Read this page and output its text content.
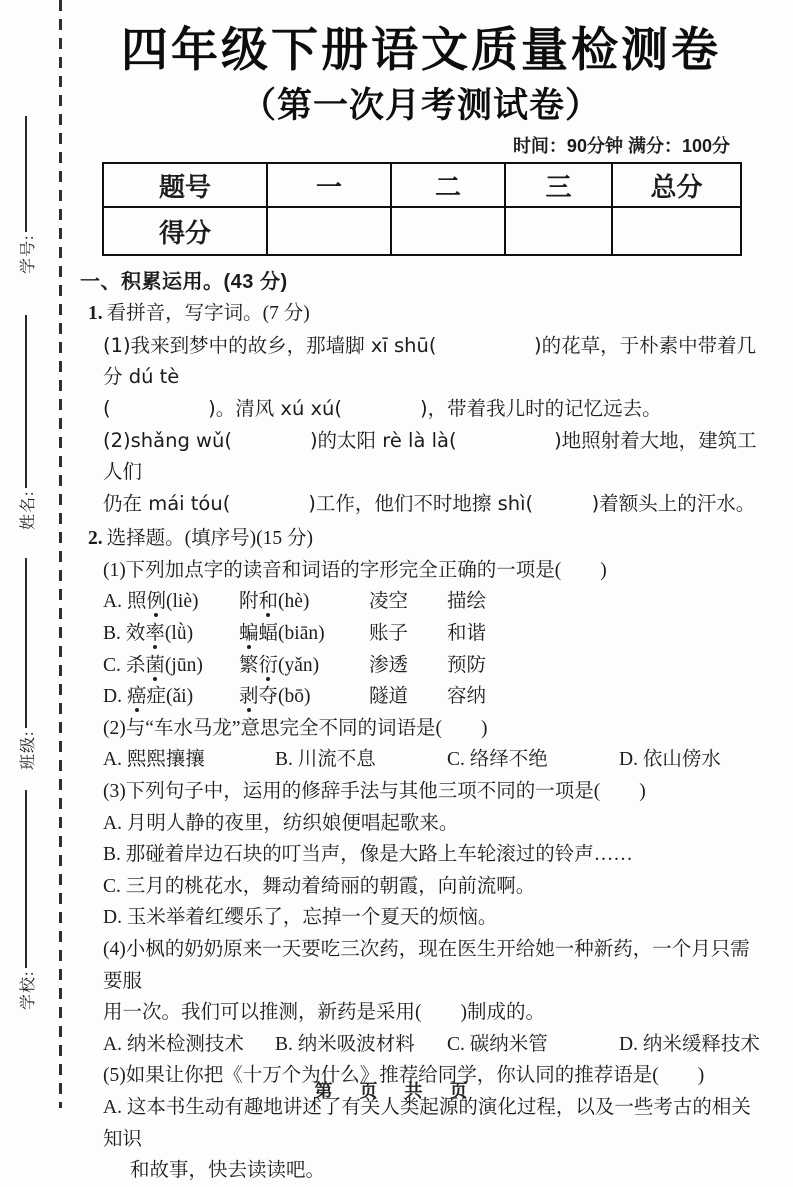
学号:
姓名:
班级:
学校:
四年级下册语文质量检测卷
（第一次月考测试卷）
时间：90分钟 满分：100分
题号	一	二	三	总分
得分				
一、积累运用。(43 分)
1. 看拼音，写字词。(7 分)
(1)我来到梦中的故乡，那墙脚 xī shū(　　　　　)的花草，于朴素中带着几分 dú tè
(　　　　　)。清风 xú xú(　　　　)，带着我儿时的记忆远去。
(2)shǎng wǔ(　　　　)的太阳 rè là là(　　　　　)地照射着大地，建筑工人们
仍在 mái tóu(　　　　)工作，他们不时地擦 shì(　　　)着额头上的汗水。
2. 选择题。(填序号)(15 分)
(1)下列加点字的读音和词语的字形完全正确的一项是(　　)
A. 照例(liè)	附和(hè)	凌空	描绘
B. 效率(lǜ)	蝙蝠(biān)	账子	和谐
C. 杀菌(jūn)	繁衍(yǎn)	渗透	预防
D. 癌症(ǎi)	剥夺(bō)	隧道	容纳
(2)与“车水马龙”意思完全不同的词语是(　　)
A. 熙熙攘攘	B. 川流不息	C. 络绎不绝	D. 依山傍水
(3)下列句子中，运用的修辞手法与其他三项不同的一项是(　　)
A. 月明人静的夜里，纺织娘便唱起歌来。
B. 那碰着岸边石块的叮当声，像是大路上车轮滚过的铃声……
C. 三月的桃花水，舞动着绮丽的朝霞，向前流啊。
D. 玉米举着红缨乐了，忘掉一个夏天的烦恼。
(4)小枫的奶奶原来一天要吃三次药，现在医生开给她一种新药，一个月只需要服
用一次。我们可以推测，新药是采用(　　)制成的。
A. 纳米检测技术	B. 纳米吸波材料	C. 碳纳米管	D. 纳米缓释技术
(5)如果让你把《十万个为什么》推荐给同学，你认同的推荐语是(　　)
A. 这本书生动有趣地讲述了有关人类起源的演化过程，以及一些考古的相关知识
和故事，快去读读吧。
第 页 共 页
